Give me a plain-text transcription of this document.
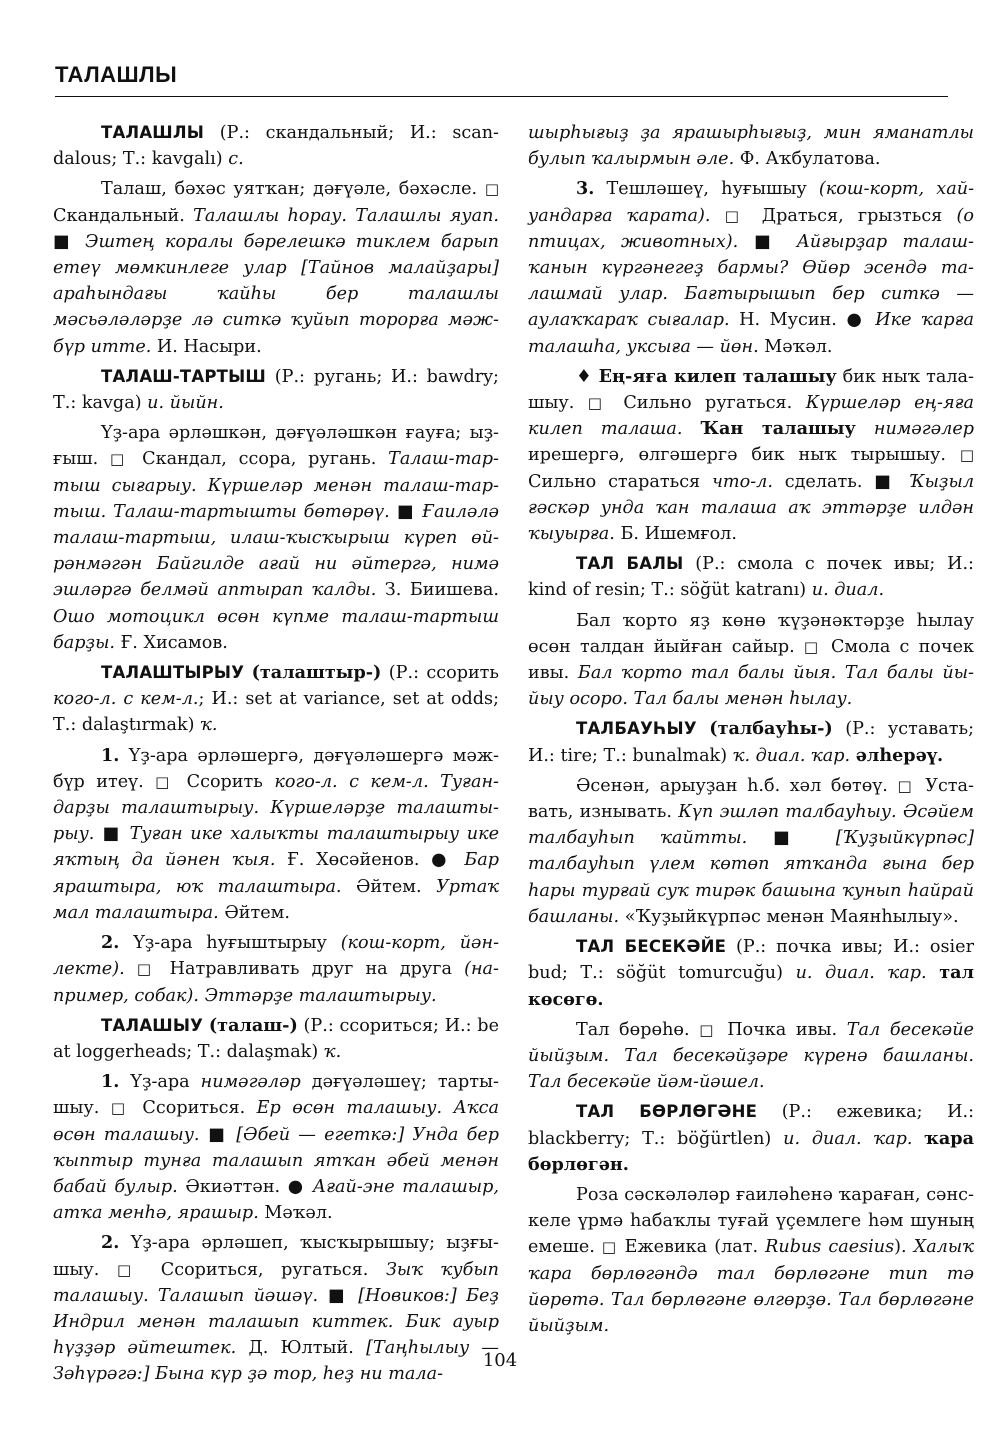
ТАЛАШЛЫ

ТАЛАШЛЫ (Р.: скандальный; И.: scandalous; Т.: kavgalı) с.

Талаш, бәхәс уятҡан; дәғүәле, бәхәсле. □ Скандальный. Талашлы һорау. Талашлы яуап. ■ Эштең коралы бәрелешкә тиклем барып етеү мөмкинлеге улар [Тайнов малайҙары] араһындағы ҡайһы бер талашлы мәсьәләләрҙе лә ситкә ҡуйып торорға мәжбүр итте. И. Насыри.

ТАЛАШ-ТАРТЫШ (Р.: ругань; И.: bawdry; Т.: kavga) и. йыйн.

Үҙ-ара әрләшкән, дәғүәләшкән ғауға; ыҙғыш. □ Скандал, ссора, ругань. Талаш-тартыш сығарыу. Күршеләр менән талаш-тартыш. Талаш-тартышты бөтөрөү. ■ Ғаиләлә талаш-тартыш, илаш-ҡысҡырыш күреп өйрәнмәгән Байгилде ағай ни әйтергә, нимә эшләргә белмәй аптырап ҡалды. З. Биишева. Ошо мотоцикл өсөн күпме талаш-тартыш барҙы. Ғ. Хисамов.

ТАЛАШТЫРЫУ (талаштыр-) (Р.: ссорить кого-л. с кем-л.; И.: set at variance, set at odds; Т.: dalaştırmak) ҡ.

1. Үҙ-ара әрләшергә, дәғүәләшергә мәжбүр итеү. □ Ссорить кого-л. с кем-л. Туғандарҙы талаштырыу. Күршеләрҙе талаштырыу. ■ Туған ике халыҡты талаштырыу ике яҡтың да йәнен ҡыя. Ғ. Хөсәйенов. ● Бар яраштыра, юҡ талаштыра. Әйтем. Уртаҡ мал талаштыра. Әйтем.

2. Үҙ-ара һуғыштырыу (кош-корт, йәнлекте). □ Натравливать друг на друга (например, собак). Эттәрҙе талаштырыу.

ТАЛАШЫУ (талаш-) (Р.: ссориться; И.: be at loggerheads; Т.: dalaşmak) ҡ.

1. Үҙ-ара нимәгәләр дәғүәләшеү; тартышыу. □ Ссориться. Ер өсөн талашыу. Аҡса өсөн талашыу. ■ [Әбей — егеткә:] Унда бер ҡыптыр тунға талашып ятҡан әбей менән бабай булыр. Әкиәттән. ● Ағай-эне талашыр, атҡа менһә, ярашыр. Мәҡәл.

2. Үҙ-ара әрләшеп, ҡысҡырышыу; ыҙғышыу. □ Ссориться, ругаться. Зыҡ ҡубып талашыу. Талашып йәшәү. ■ [Новиков:] Беҙ Индрил менән талашып киттек. Бик ауыр һүҙҙәр әйтештек. Д. Юлтый. [Таңһылыу — Зәһүрәгә:] Бына күр ҙә тор, һеҙ ни тала-

шырһығыҙ ҙа ярашырһығыҙ, мин яманатлы булып ҡалырмын әле. Ф. Аҡбулатова.

3. Тешләшеү, һуғышыу (кош-корт, хайуандарға ҡарата). □ Драться, грызться (о птицах, животных). ■ Айғырҙар талашҡанын күргәнегеҙ бармы? Өйөр эсендә талашмай улар. Бағтырышып бер ситкә — аулаҡҡараҡ сығалар. Н. Мусин. ● Ике ҡарға талашһа, уксыға — йөн. Мәҡәл.

♦ Ең-яға килеп талашыу бик ныҡ талашыу. □ Сильно ругаться. Күршеләр ең-яға килеп талаша. Ҡан талашыу нимәгәлер ирешергә, өлгәшергә бик ныҡ тырышыу. □ Сильно стараться что-л. сделать. ■ Ҡыҙыл ғәскәр унда ҡан талаша аҡ эттәрҙе илдән ҡыуырға. Б. Ишемғол.

ТАЛ БАЛЫ (Р.: смола с почек ивы; И.: kind of resin; Т.: söğüt katranı) и. диал.

Бал ҡорто яҙ көнө ҡүҙәнәктәрҙе һылау өсөн талдан йыйған сайыр. □ Смола с почек ивы. Бал ҡорто тал балы йыя. Тал балы йыйыу осоро. Тал балы менән һылау.

ТАЛБАУҺЫУ (талбауһы-) (Р.: уставать; И.: tire; Т.: bunalmak) ҡ. диал. ҡар. әлһерәү.

Әсенән, арыуҙан һ.б. хәл бөтөү. □ Уставать, изнывать. Күп эшләп талбауһыу. Әсәйем талбауһып ҡайтты. ■ [Ҡуҙыйкүрпәс] талбауһып үлем көтөп ятҡанда ғына бер һары турғай суҡ тирәк башына ҡунып һайрай башланы. «Ҡуҙыйкүрпәс менән Маянһылыу».

ТАЛ БЕСЕКӘЙЕ (Р.: почка ивы; И.: osier bud; Т.: söğüt tomurcuğu) и. диал. ҡар. тал көсөгө.

Тал бөрөһө. □ Почка ивы. Тал бесекәйе йыйҙым. Тал бесекәйҙәре күренә башланы. Тал бесекәйе йәм-йәшел.

ТАЛ БӨРЛӨГӘНЕ (Р.: ежевика; И.: blackberry; Т.: böğürtlen) и. диал. ҡар. ҡара бөрлөгән.

Роза сәскәләләр ғаиләһенә ҡараған, сәнскеле үрмә һабаҡлы туғай үҫемлеге һәм шуның емеше. □ Ежевика (лат. Rubus caesius). Халыҡ ҡара бөрлөгәндә тал бөрлөгәне тип тә йөрөтә. Тал бөрлөгәне өлгөрҙө. Тал бөрлөгәне йыйҙым.

104
